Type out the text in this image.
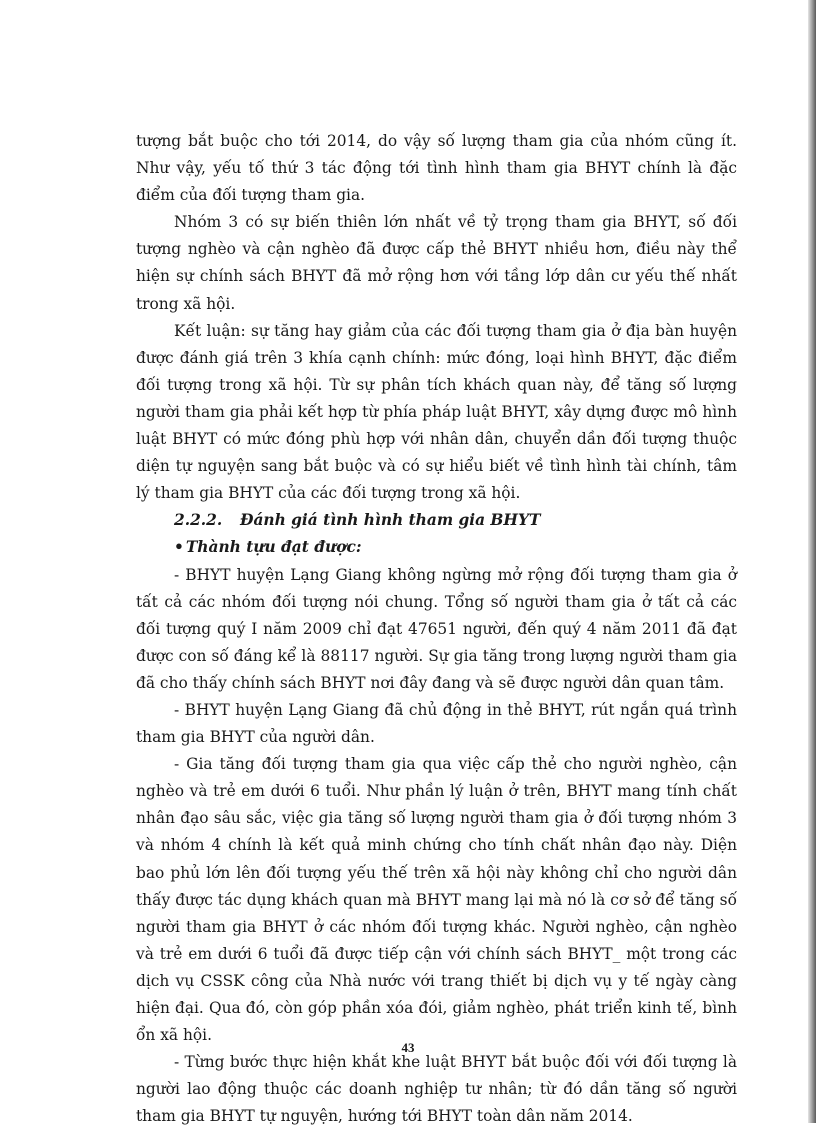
tượng bắt buộc cho tới 2014, do vậy số lượng tham gia của nhóm cũng ít. Như vậy, yếu tố thứ 3 tác động tới tình hình tham gia BHYT chính là đặc điểm của đối tượng tham gia.

Nhóm 3 có sự biến thiên lớn nhất về tỷ trọng tham gia BHYT, số đối tượng nghèo và cận nghèo đã được cấp thẻ BHYT nhiều hơn, điều này thể hiện sự chính sách BHYT đã mở rộng hơn với tầng lớp dân cư yếu thế nhất trong xã hội.

Kết luận: sự tăng hay giảm của các đối tượng tham gia ở địa bàn huyện được đánh giá trên 3 khía cạnh chính: mức đóng, loại hình BHYT, đặc điểm đối tượng trong xã hội. Từ sự phân tích khách quan này, để tăng số lượng người tham gia phải kết hợp từ phía pháp luật BHYT, xây dựng được mô hình luật BHYT có mức đóng phù hợp với nhân dân, chuyển dần đối tượng thuộc diện tự nguyện sang bắt buộc và có sự hiểu biết về tình hình tài chính, tâm lý tham gia BHYT của các đối tượng trong xã hội.

2.2.2. Đánh giá tình hình tham gia BHYT

• Thành tựu đạt được:

- BHYT huyện Lạng Giang không ngừng mở rộng đối tượng tham gia ở tất cả các nhóm đối tượng nói chung. Tổng số người tham gia ở tất cả các đối tượng quý I năm 2009 chỉ đạt 47651 người, đến quý 4 năm 2011 đã đạt được con số đáng kể là 88117 người. Sự gia tăng trong lượng người tham gia đã cho thấy chính sách BHYT nơi đây đang và sẽ được người dân quan tâm.

- BHYT huyện Lạng Giang đã chủ động in thẻ BHYT, rút ngắn quá trình tham gia BHYT của người dân.

- Gia tăng đối tượng tham gia qua việc cấp thẻ cho người nghèo, cận nghèo và trẻ em dưới 6 tuổi. Như phần lý luận ở trên, BHYT mang tính chất nhân đạo sâu sắc, việc gia tăng số lượng người tham gia ở đối tượng nhóm 3 và nhóm 4 chính là kết quả minh chứng cho tính chất nhân đạo này. Diện bao phủ lớn lên đối tượng yếu thế trên xã hội này không chỉ cho người dân thấy được tác dụng khách quan mà BHYT mang lại mà nó là cơ sở để tăng số người tham gia BHYT ở các nhóm đối tượng khác. Người nghèo, cận nghèo và trẻ em dưới 6 tuổi đã được tiếp cận với chính sách BHYT_ một trong các dịch vụ CSSK công của Nhà nước với trang thiết bị dịch vụ y tế ngày càng hiện đại. Qua đó, còn góp phần xóa đói, giảm nghèo, phát triển kinh tế, bình ổn xã hội.

- Từng bước thực hiện khắt khe luật BHYT bắt buộc đối với đối tượng là người lao động thuộc các doanh nghiệp tư nhân; từ đó dần tăng số người tham gia BHYT tự nguyện, hướng tới BHYT toàn dân năm 2014.

43
